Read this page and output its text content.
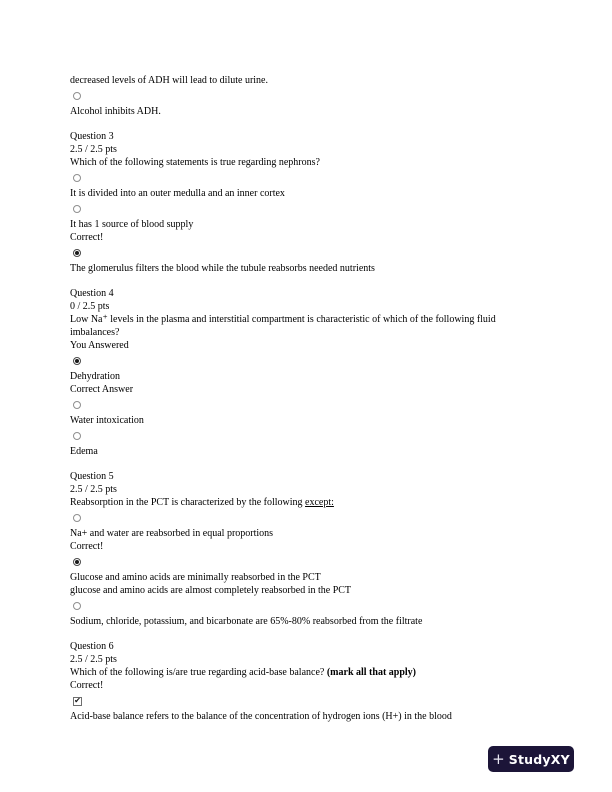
decreased levels of ADH will lead to dilute urine.
Alcohol inhibits ADH.
Question 3
2.5 / 2.5 pts
Which of the following statements is true regarding nephrons?
It is divided into an outer medulla and an inner cortex
It has 1 source of blood supply
Correct!
The glomerulus filters the blood while the tubule reabsorbs needed nutrients
Question 4
0 / 2.5 pts
Low Na⁺ levels in the plasma and interstitial compartment is characteristic of which of the following fluid
imbalances?
You Answered
Dehydration
Correct Answer
Water intoxication
Edema
Question 5
2.5 / 2.5 pts
Reabsorption in the PCT is characterized by the following except:
Na+ and water are reabsorbed in equal proportions
Correct!
Glucose and amino acids are minimally reabsorbed in the PCT
glucose and amino acids are almost completely reabsorbed in the PCT
Sodium, chloride, potassium, and bicarbonate are 65%-80% reabsorbed from the filtrate
Question 6
2.5 / 2.5 pts
Which of the following is/are true regarding acid-base balance? (mark all that apply)
Correct!
✔
Acid-base balance refers to the balance of the concentration of hydrogen ions (H+) in the blood
+ StudyXY
